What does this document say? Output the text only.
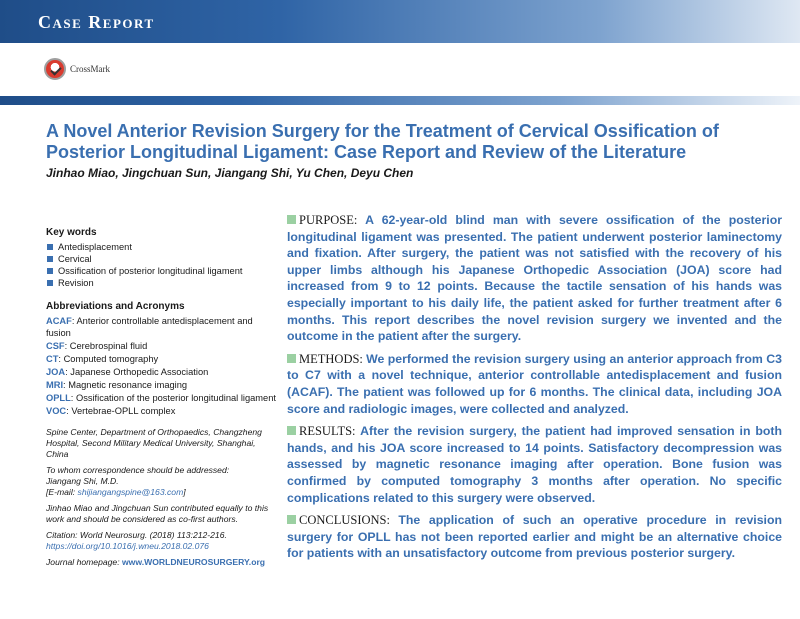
Case Report
CrossMark
A Novel Anterior Revision Surgery for the Treatment of Cervical Ossification of Posterior Longitudinal Ligament: Case Report and Review of the Literature
Jinhao Miao, Jingchuan Sun, Jiangang Shi, Yu Chen, Deyu Chen
Key words
Antedisplacement
Cervical
Ossification of posterior longitudinal ligament
Revision
Abbreviations and Acronyms
ACAF: Anterior controllable antedisplacement and fusion
CSF: Cerebrospinal fluid
CT: Computed tomography
JOA: Japanese Orthopedic Association
MRI: Magnetic resonance imaging
OPLL: Ossification of the posterior longitudinal ligament
VOC: Vertebrae-OPLL complex

Spine Center, Department of Orthopaedics, Changzheng Hospital, Second Military Medical University, Shanghai, China

To whom correspondence should be addressed:
Jiangang Shi, M.D.
[E-mail: shijiangangspine@163.com]

Jinhao Miao and Jingchuan Sun contributed equally to this work and should be considered as co-first authors.

Citation: World Neurosurg. (2018) 113:212-216.
https://doi.org/10.1016/j.wneu.2018.02.076

Journal homepage: www.WORLDNEUROSURGERY.org

PURPOSE: A 62-year-old blind man with severe ossification of the posterior longitudinal ligament was presented. The patient underwent posterior laminectomy and fixation. After surgery, the patient was not satisfied with the recovery of his upper limbs although his Japanese Orthopedic Association (JOA) score had increased from 9 to 12 points. Because the tactile sensation of his hands was especially important to his daily life, the patient asked for further treatment after 6 months. This report describes the novel revision surgery we invented and the outcome in the patient after the surgery.

METHODS: We performed the revision surgery using an anterior approach from C3 to C7 with a novel technique, anterior controllable antedisplacement and fusion (ACAF). The patient was followed up for 6 months. The clinical data, including JOA score and radiologic images, were collected and analyzed.

RESULTS: After the revision surgery, the patient had improved sensation in both hands, and his JOA score increased to 14 points. Satisfactory decompression was assessed by magnetic resonance imaging after operation. Bone fusion was confirmed by computed tomography 3 months after operation. No specific complications related to this surgery were observed.

CONCLUSIONS: The application of such an operative procedure in revision surgery for OPLL has not been reported earlier and might be an alternative choice for patients with an unsatisfactory outcome from previous posterior surgery.
